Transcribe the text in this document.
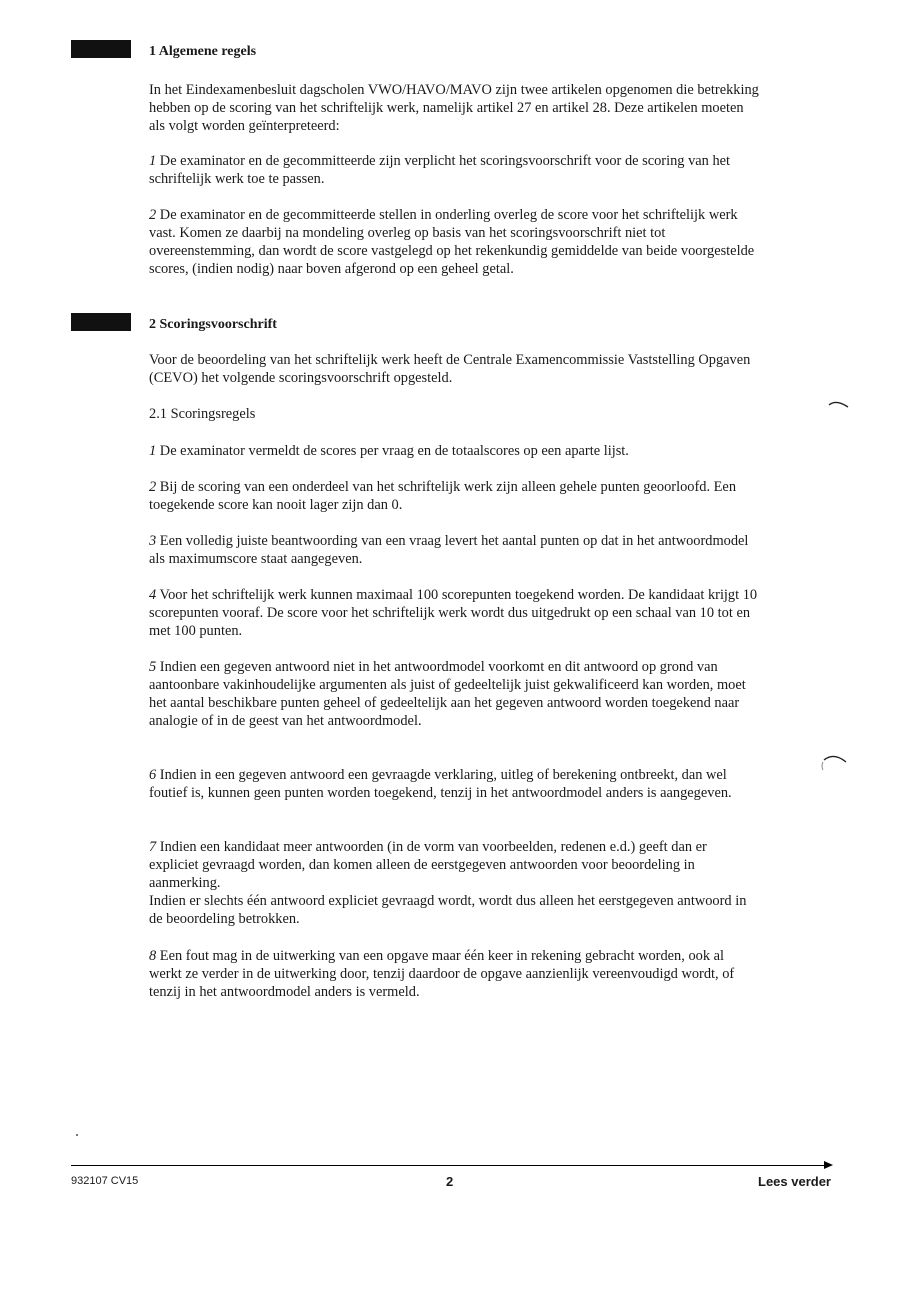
1 Algemene regels

In het Eindexamenbesluit dagscholen VWO/HAVO/MAVO zijn twee artikelen opgenomen die betrekking hebben op de scoring van het schriftelijk werk, namelijk artikel 27 en artikel 28. Deze artikelen moeten als volgt worden geïnterpreteerd:

1 De examinator en de gecommitteerde zijn verplicht het scoringsvoorschrift voor de scoring van het schriftelijk werk toe te passen.

2 De examinator en de gecommitteerde stellen in onderling overleg de score voor het schriftelijk werk vast. Komen ze daarbij na mondeling overleg op basis van het scoringsvoorschrift niet tot overeenstemming, dan wordt de score vastgelegd op het rekenkundig gemiddelde van beide voorgestelde scores, (indien nodig) naar boven afgerond op een geheel getal.

2 Scoringsvoorschrift

Voor de beoordeling van het schriftelijk werk heeft de Centrale Examencommissie Vaststelling Opgaven (CEVO) het volgende scoringsvoorschrift opgesteld.

2.1 Scoringsregels

1 De examinator vermeldt de scores per vraag en de totaalscores op een aparte lijst.

2 Bij de scoring van een onderdeel van het schriftelijk werk zijn alleen gehele punten geoorloofd. Een toegekende score kan nooit lager zijn dan 0.

3 Een volledig juiste beantwoording van een vraag levert het aantal punten op dat in het antwoordmodel als maximumscore staat aangegeven.

4 Voor het schriftelijk werk kunnen maximaal 100 scorepunten toegekend worden. De kandidaat krijgt 10 scorepunten vooraf. De score voor het schriftelijk werk wordt dus uitgedrukt op een schaal van 10 tot en met 100 punten.

5 Indien een gegeven antwoord niet in het antwoordmodel voorkomt en dit antwoord op grond van aantoonbare vakinhoudelijke argumenten als juist of gedeeltelijk juist gekwalificeerd kan worden, moet het aantal beschikbare punten geheel of gedeeltelijk aan het gegeven antwoord worden toegekend naar analogie of in de geest van het antwoordmodel.

6 Indien in een gegeven antwoord een gevraagde verklaring, uitleg of berekening ontbreekt, dan wel foutief is, kunnen geen punten worden toegekend, tenzij in het antwoordmodel anders is aangegeven.

7 Indien een kandidaat meer antwoorden (in de vorm van voorbeelden, redenen e.d.) geeft dan er expliciet gevraagd worden, dan komen alleen de eerstgegeven antwoorden voor beoordeling in aanmerking.
Indien er slechts één antwoord expliciet gevraagd wordt, wordt dus alleen het eerstgegeven antwoord in de beoordeling betrokken.

8 Een fout mag in de uitwerking van een opgave maar één keer in rekening gebracht worden, ook al werkt ze verder in de uitwerking door, tenzij daardoor de opgave aanzienlijk vereenvoudigd wordt, of tenzij in het antwoordmodel anders is vermeld.

932107 CV15	2	Lees verder
